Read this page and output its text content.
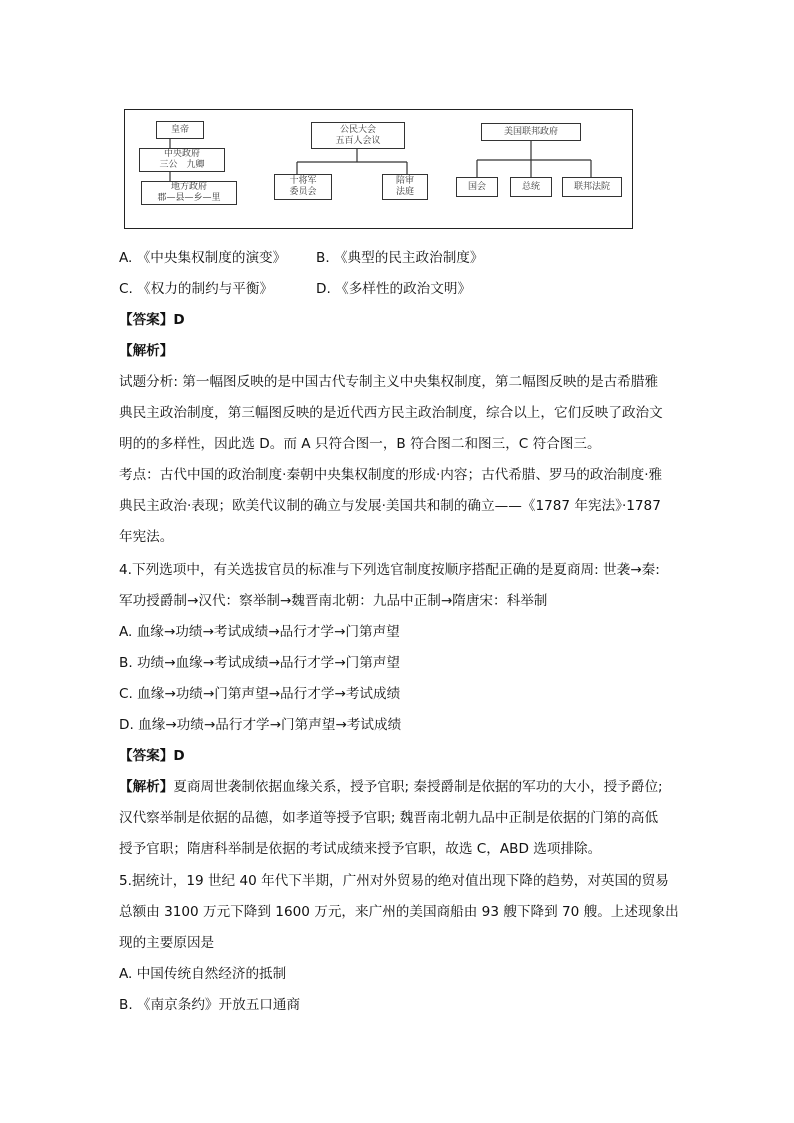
皇帝
中央政府
三公　九卿
地方政府
郡—县—乡—里
公民大会
五百人会议
十将军
委员会
陪审
法庭
美国联邦政府
国会	总统	联邦法院
A. 《中央集权制度的演变》 B. 《典型的民主政治制度》
C. 《权力的制约与平衡》	D. 《多样性的政治文明》
【答案】D
【解析】
试题分析: 第一幅图反映的是中国古代专制主义中央集权制度，第二幅图反映的是古希腊雅
典民主政治制度，第三幅图反映的是近代西方民主政治制度，综合以上，它们反映了政治文
明的的多样性，因此选 D。而 A 只符合图一，B 符合图二和图三，C 符合图三。
考点：古代中国的政治制度·秦朝中央集权制度的形成·内容；古代希腊、罗马的政治制度·雅
典民主政治·表现；欧美代议制的确立与发展·美国共和制的确立——《1787 年宪法》·1787
年宪法。
4.下列选项中，有关选拔官员的标准与下列选官制度按顺序搭配正确的是夏商周: 世袭→秦:
军功授爵制→汉代：察举制→魏晋南北朝：九品中正制→隋唐宋：科举制
A. 血缘→功绩→考试成绩→品行才学→门第声望
B. 功绩→血缘→考试成绩→品行才学→门第声望
C. 血缘→功绩→门第声望→品行才学→考试成绩
D. 血缘→功绩→品行才学→门第声望→考试成绩
【答案】D
【解析】夏商周世袭制依据血缘关系，授予官职; 秦授爵制是依据的军功的大小，授予爵位;
汉代察举制是依据的品德，如孝道等授予官职; 魏晋南北朝九品中正制是依据的门第的高低
授予官职；隋唐科举制是依据的考试成绩来授予官职，故选 C，ABD 选项排除。
5.据统计，19 世纪 40 年代下半期，广州对外贸易的绝对值出现下降的趋势，对英国的贸易
总额由 3100 万元下降到 1600 万元，来广州的美国商船由 93 艘下降到 70 艘。上述现象出
现的主要原因是
A. 中国传统自然经济的抵制
B. 《南京条约》开放五口通商
